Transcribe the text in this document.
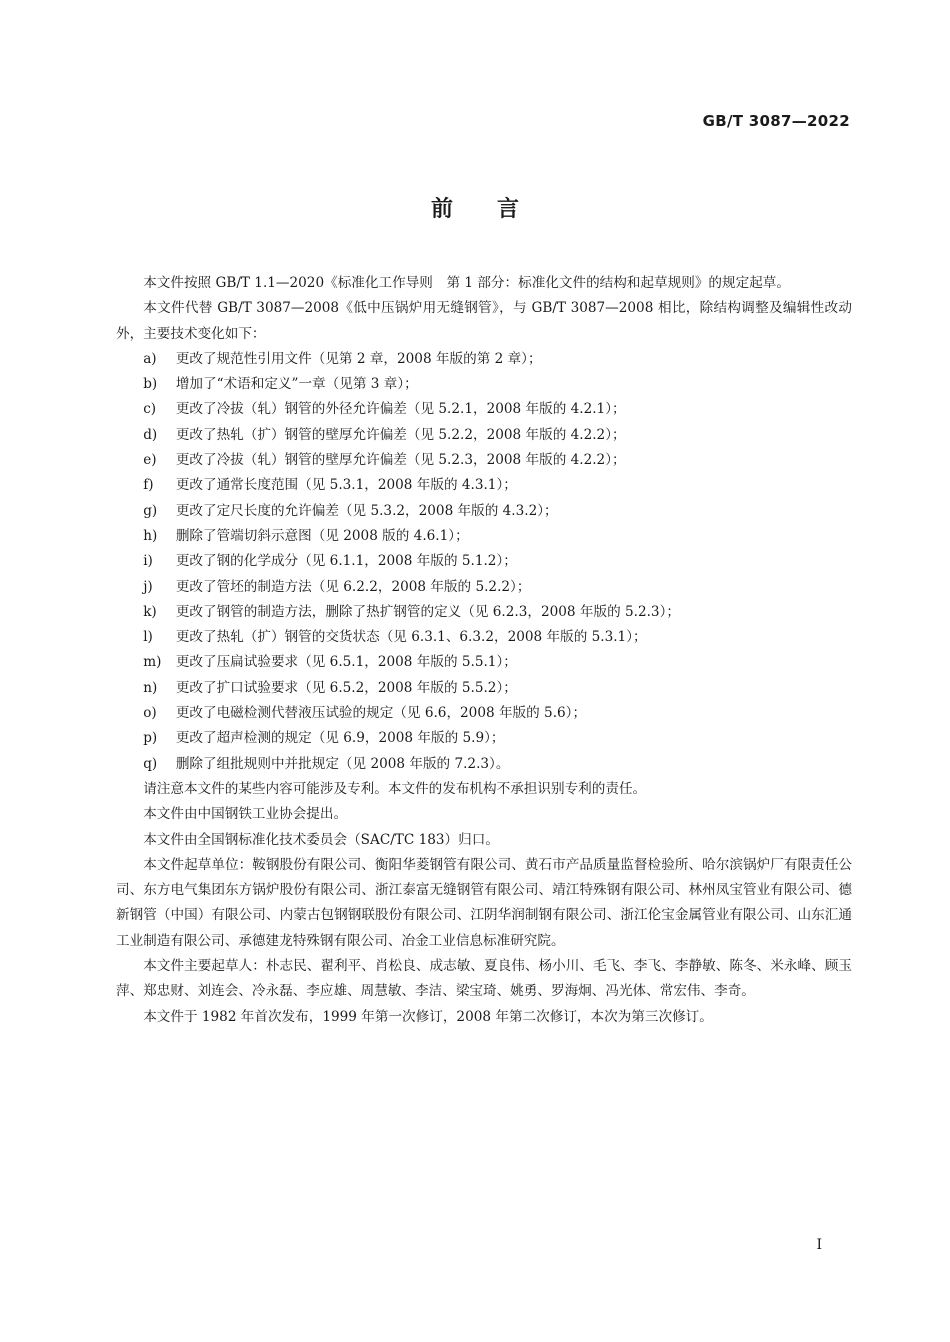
GB/T 3087—2022
前 言

本文件按照 GB/T 1.1—2020《标准化工作导则　第 1 部分：标准化文件的结构和起草规则》的规定起草。

本文件代替 GB/T 3087—2008《低中压锅炉用无缝钢管》，与 GB/T 3087—2008 相比，除结构调整及编辑性改动外，主要技术变化如下：

a) 更改了规范性引用文件（见第 2 章，2008 年版的第 2 章）；

b) 增加了“术语和定义”一章（见第 3 章）；

c) 更改了冷拔（轧）钢管的外径允许偏差（见 5.2.1，2008 年版的 4.2.1）；

d) 更改了热轧（扩）钢管的壁厚允许偏差（见 5.2.2，2008 年版的 4.2.2）；

e) 更改了冷拔（轧）钢管的壁厚允许偏差（见 5.2.3，2008 年版的 4.2.2）；

f) 更改了通常长度范围（见 5.3.1，2008 年版的 4.3.1）；

g) 更改了定尺长度的允许偏差（见 5.3.2，2008 年版的 4.3.2）；

h) 删除了管端切斜示意图（见 2008 版的 4.6.1）；

i) 更改了钢的化学成分（见 6.1.1，2008 年版的 5.1.2）；

j) 更改了管坯的制造方法（见 6.2.2，2008 年版的 5.2.2）；

k) 更改了钢管的制造方法，删除了热扩钢管的定义（见 6.2.3，2008 年版的 5.2.3）；

l) 更改了热轧（扩）钢管的交货状态（见 6.3.1、6.3.2，2008 年版的 5.3.1）；

m) 更改了压扁试验要求（见 6.5.1，2008 年版的 5.5.1）；

n) 更改了扩口试验要求（见 6.5.2，2008 年版的 5.5.2）；

o) 更改了电磁检测代替液压试验的规定（见 6.6，2008 年版的 5.6）；

p) 更改了超声检测的规定（见 6.9，2008 年版的 5.9）；

q) 删除了组批规则中并批规定（见 2008 年版的 7.2.3）。

请注意本文件的某些内容可能涉及专利。本文件的发布机构不承担识别专利的责任。

本文件由中国钢铁工业协会提出。

本文件由全国钢标准化技术委员会（SAC/TC 183）归口。

本文件起草单位：鞍钢股份有限公司、衡阳华菱钢管有限公司、黄石市产品质量监督检验所、哈尔滨锅炉厂有限责任公司、东方电气集团东方锅炉股份有限公司、浙江泰富无缝钢管有限公司、靖江特殊钢有限公司、林州凤宝管业有限公司、德新钢管（中国）有限公司、内蒙古包钢钢联股份有限公司、江阴华润制钢有限公司、浙江伦宝金属管业有限公司、山东汇通工业制造有限公司、承德建龙特殊钢有限公司、冶金工业信息标准研究院。

本文件主要起草人：朴志民、翟利平、肖松良、成志敏、夏良伟、杨小川、毛飞、李飞、李静敏、陈冬、米永峰、顾玉萍、郑忠财、刘连会、冷永磊、李应雄、周慧敏、李洁、梁宝琦、姚勇、罗海炯、冯光体、常宏伟、李奇。

本文件于 1982 年首次发布，1999 年第一次修订，2008 年第二次修订，本次为第三次修订。

I
